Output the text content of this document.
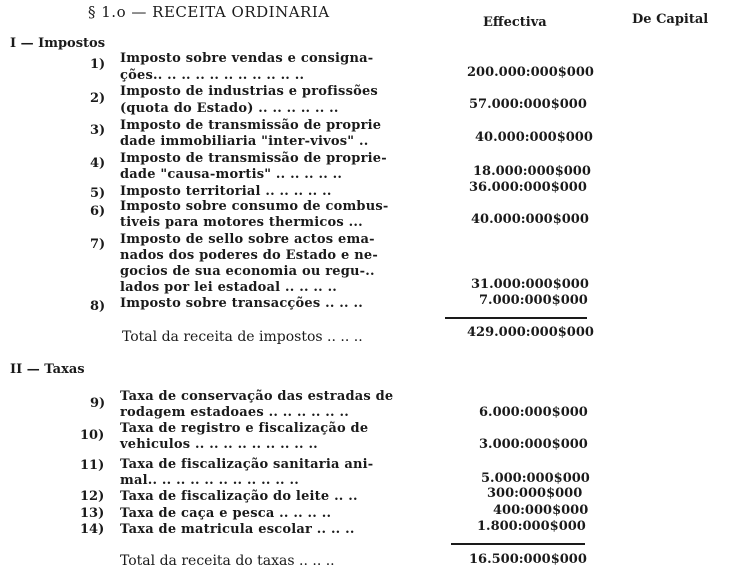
§ 1.o — RECEITA ORDINARIA
Effectiva	De Capital
I — Impostos
1) Imposto sobre vendas e consigna-
ções.. .. .. .. .. .. .. .. .. .. ..	200.000:000$000
2) Imposto de industrias e profissões
(quota do Estado) .. .. .. .. .. ..	57.000:000$000
3) Imposto de transmissão de proprie
dade immobiliaria "inter-vivos" ..	40.000:000$000
4) Imposto de transmissão de proprie-
dade "causa-mortis" .. .. .. .. ..	18.000:000$000
5) Imposto territorial .. .. .. .. ..	36.000:000$000
6) Imposto sobre consumo de combus-
tiveis para motores thermicos ...	40.000:000$000
7) Imposto de sello sobre actos ema-
nados dos poderes do Estado e ne-
gocios de sua economia ou regu-..
lados por lei estadoal .. .. .. ..	31.000:000$000
8) Imposto sobre transacções .. .. ..	7.000:000$000
Total da receita de impostos .. .. ..	429.000:000$000
II — Taxas
9) Taxa de conservação das estradas de
rodagem estadoaes .. .. .. .. .. ..	6.000:000$000
10) Taxa de registro e fiscalização de
vehiculos .. .. .. .. .. .. .. .. ..	3.000:000$000
11) Taxa de fiscalização sanitaria ani-
mal.. .. .. .. .. .. .. .. .. .. ..	5.000:000$000
12) Taxa de fiscalização do leite .. ..	300:000$000
13) Taxa de caça e pesca .. .. .. ..	400:000$000
14) Taxa de matricula escolar .. .. ..	1.800:000$000
Total da receita do taxas .. .. ..	16.500:000$000
